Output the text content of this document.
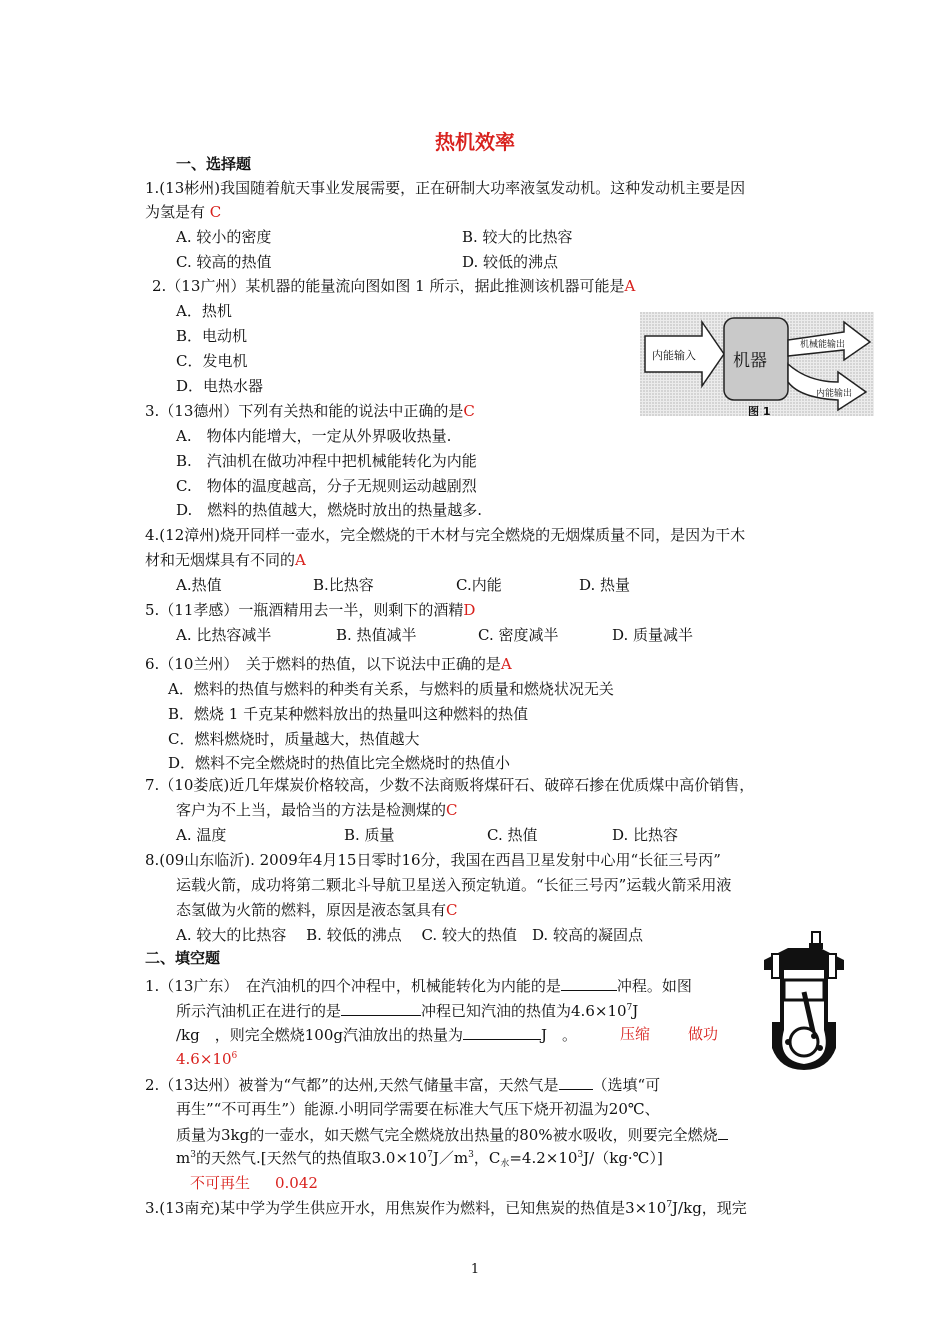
热机效率
一、选择题
1.(13彬州)我国随着航天事业发展需要，正在研制大功率液氢发动机。这种发动机主要是因
为氢是有 C
A. 较小的密度	B. 较大的比热容
C. 较高的热值	D. 较低的沸点
2.（13广州）某机器的能量流向图如图 1 所示，据此推测该机器可能是A
A．热机
B．电动机
C．发电机
D．电热水器
内能输入 机器
机械能输出
内能输出
图 1
3.（13德州）下列有关热和能的说法中正确的是C
A.　物体内能增大，一定从外界吸收热量.
B.　汽油机在做功冲程中把机械能转化为内能
C.　物体的温度越高，分子无规则运动越剧烈
D.　燃料的热值越大，燃烧时放出的热量越多.
4.(12漳州)烧开同样一壶水，完全燃烧的干木材与完全燃烧的无烟煤质量不同，是因为干木
材和无烟煤具有不同的A
A.热值	B.比热容	C.内能	D. 热量
5.（11孝感）一瓶酒精用去一半，则剩下的酒精D
A. 比热容减半	B. 热值减半	C. 密度减半	D. 质量减半
6.（10兰州）　关于燃料的热值，以下说法中正确的是A
A．燃料的热值与燃料的种类有关系，与燃料的质量和燃烧状况无关
B．燃烧 1 千克某种燃料放出的热量叫这种燃料的热值
C．燃料燃烧时，质量越大，热值越大
D．燃料不完全燃烧时的热值比完全燃烧时的热值小
7.（10娄底)近几年煤炭价格较高，少数不法商贩将煤矸石、破碎石掺在优质煤中高价销售，
客户为不上当，最恰当的方法是检测煤的C
A. 温度	B. 质量	C. 热值	D. 比热容
8.(09山东临沂). 2009年4月15日零时16分，我国在西昌卫星发射中心用“长征三号丙”
运载火箭，成功将第二颗北斗导航卫星送入预定轨道。“长征三号丙”运载火箭采用液
态氢做为火箭的燃料，原因是液态氢具有C
A. 较大的比热容　 B. 较低的沸点　 C. 较大的热值　D. 较高的凝固点
二、填空题
1.（13广东）　在汽油机的四个冲程中，机械能转化为内能的是	冲程。如图
所示汽油机正在进行的是	冲程已知汽油的热值为$4.6\times 10^7J$
/kg　，则完全燃烧100g汽油放出的热量为	J　。	压缩	做功
$4.6\times 10^6$
2.（13达州）被誉为“气都”的达州,天然气储量丰富，天然气是 （选填“可
再生”“不可再生”）能源.小明同学需要在标准大气压下烧开初温为20℃、
质量为3kg的一壶水，如天燃气完全燃烧放出热量的80%被水吸收，则要完全燃烧
$m^3$的天然气.[天然气的热值取$3.0\times 10^7J/m^3$，$C_水=4.2\times 10^3J/(kg\cdot℃)$]
不可再生 0.042
3.(13南充)某中学为学生供应开水，用焦炭作为燃料，已知焦炭的热值是$3\times 10^7J/kg$，现完
1
